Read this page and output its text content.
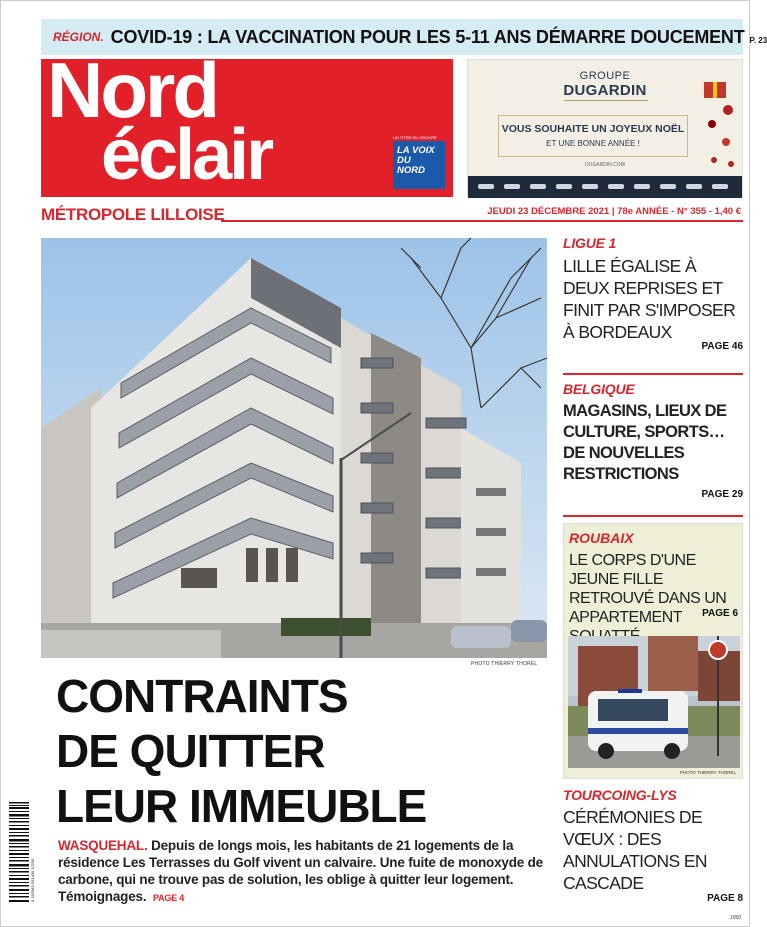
RÉGION. COVID-19 : LA VACCINATION POUR LES 5-11 ANS DÉMARRE DOUCEMENT P. 23
Nord
éclair	UN TITRE DU GROUPE
LA VOIX DU NORD
GROUPE
DUGARDIN
VOUS SOUHAITE UN JOYEUX NOËL
ET UNE BONNE ANNÉE !
DUGARDIN.COM
MÉTROPOLE LILLOISE	JEUDI 23 DÉCEMBRE 2021 | 78e ANNÉE - N° 355 - 1,40 €
PHOTO THIERRY THOREL
CONTRAINTS
DE QUITTER
LEUR IMMEUBLE
WASQUEHAL. Depuis de longs mois, les habitants de 21 logements de la résidence Les Terrasses du Golf vivent un calvaire. Une fuite de monoxyde de carbone, qui ne trouve pas de solution, les oblige à quitter leur logement. Témoignages. PAGE 4
3 782983 501400 12230
LIGUE 1
LILLE ÉGALISE À DEUX REPRISES ET FINIT PAR S'IMPOSER À BORDEAUX
PAGE 46
BELGIQUE
MAGASINS, LIEUX DE CULTURE, SPORTS… DE NOUVELLES RESTRICTIONS
PAGE 29
ROUBAIX
LE CORPS D'UNE JEUNE FILLE RETROUVÉ DANS UN APPARTEMENT	PAGE 6
PHOTO THIERRY THOREL
TOURCOING-LYS
CÉRÉMONIES DE VŒUX : DES ANNULATIONS EN CASCADE
PAGE 8
1050
